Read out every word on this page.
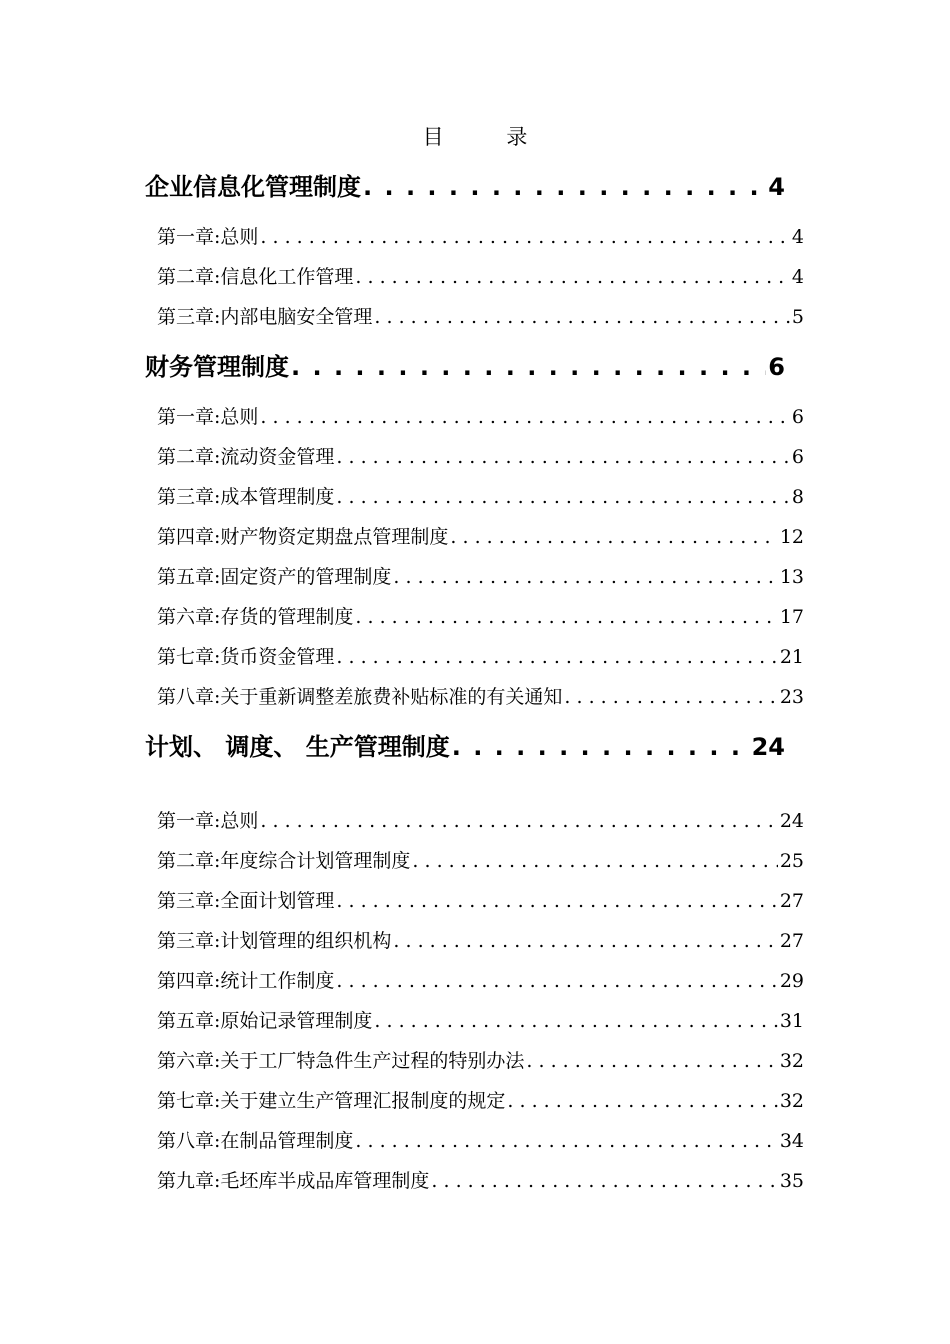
目 录
企业信息化管理制度 . . .	4
第一章:总则 . . .	4
第二章:信息化工作管理 . . .	4
第三章:内部电脑安全管理 . . .	5
财务管理制度 . . .	6
第一章:总则 . . .	6
第二章:流动资金管理 . . .	6
第三章:成本管理制度 . . .	8
第四章:财产物资定期盘点管理制度 . . .	12
第五章:固定资产的管理制度 . . .	13
第六章:存货的管理制度 . . .	17
第七章:货币资金管理 . . .	21
第八章:关于重新调整差旅费补贴标准的有关通知 . . .	23
计划、 调度、 生产管理制度 . . .	24
第一章:总则 . . .	24
第二章:年度综合计划管理制度 . . .	25
第三章:全面计划管理 . . .	27
第三章:计划管理的组织机构 . . .	27
第四章:统计工作制度 . . .	29
第五章:原始记录管理制度 . . .	31
第六章:关于工厂特急件生产过程的特别办法 . . .	32
第七章:关于建立生产管理汇报制度的规定 . . .	32
第八章:在制品管理制度 . . .	34
第九章:毛坯库半成品库管理制度 . . .	35
